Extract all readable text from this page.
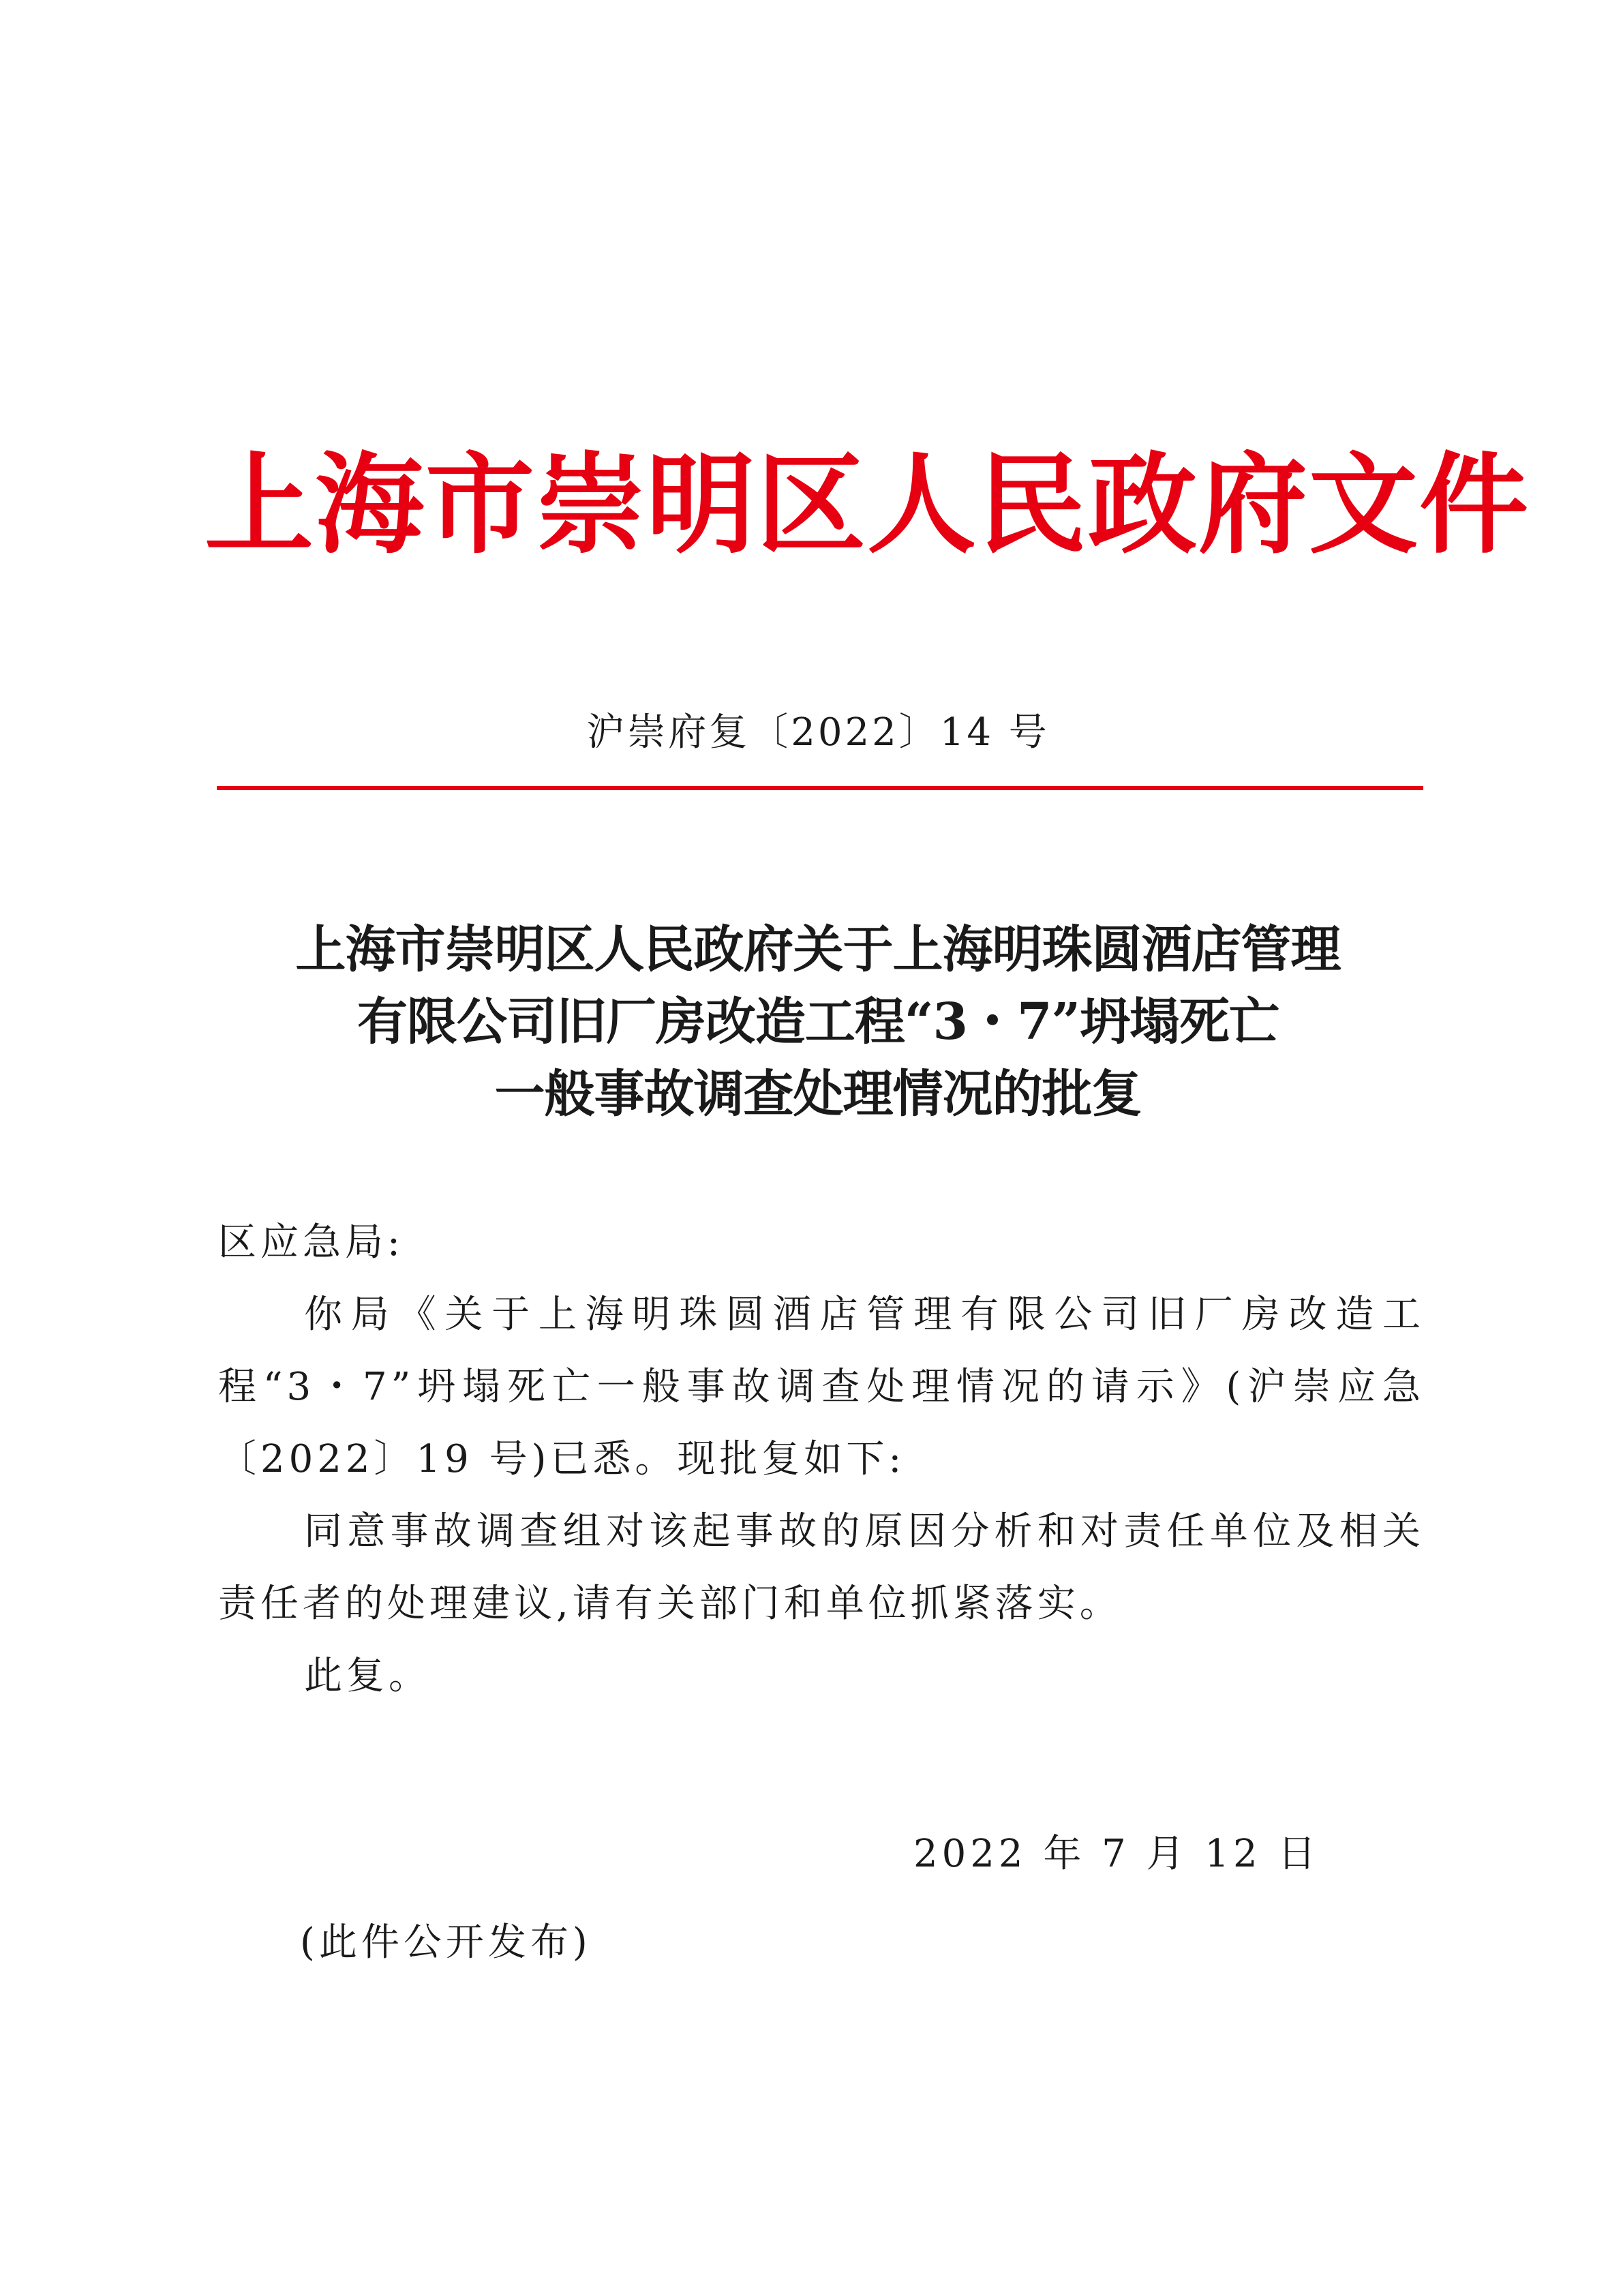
上海市崇明区人民政府文件
沪崇府复〔2022〕14 号
上海市崇明区人民政府关于上海明珠圆酒店管理
有限公司旧厂房改造工程“3・7”坍塌死亡
一般事故调查处理情况的批复

区应急局:

你局《关于上海明珠圆酒店管理有限公司旧厂房改造工程“3・7”坍塌死亡一般事故调查处理情况的请示》(沪崇应急〔2022〕19 号)已悉。现批复如下:

同意事故调查组对该起事故的原因分析和对责任单位及相关责任者的处理建议,请有关部门和单位抓紧落实。

此复。

2022 年 7 月 12 日
(此件公开发布)
